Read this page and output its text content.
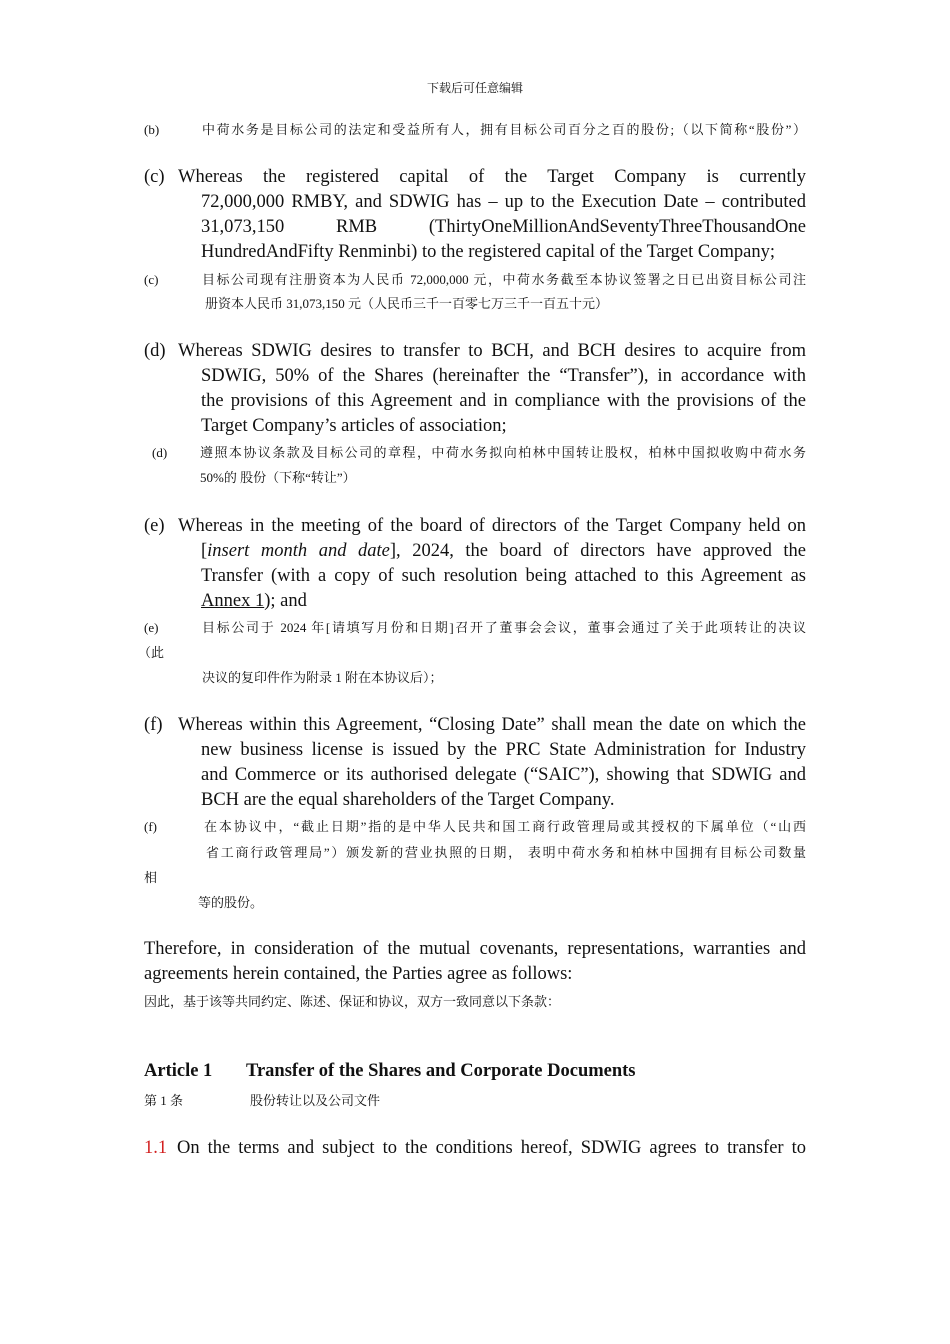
下载后可任意编辑
(b)	中荷水务是目标公司的法定和受益所有人，拥有目标公司百分之百的股份;（以下简称“股份”）
(c) Whereas the registered capital of the Target Company is currently
72,000,000 RMBY, and SDWIG has – up to the Execution Date – contributed
31,073,150 RMB (ThirtyOneMillionAndSeventyThreeThousandOne
HundredAndFifty Renminbi) to the registered capital of the Target Company;
(c)	目标公司现有注册资本为人民币 72,000,000 元，中荷水务截至本协议签署之日已出资目标公司注
册资本人民币 31,073,150 元（人民币三千一百零七万三千一百五十元）
(d) Whereas SDWIG desires to transfer to BCH, and BCH desires to acquire from
SDWIG, 50% of the Shares (hereinafter the “Transfer”), in accordance with
the provisions of this Agreement and in compliance with the provisions of the
Target Company’s articles of association;
(d)	遵照本协议条款及目标公司的章程，中荷水务拟向柏林中国转让股权，柏林中国拟收购中荷水务
50%的 股份（下称“转让”）
(e) Whereas in the meeting of the board of directors of the Target Company held on
[insert month and date], 2024, the board of directors have approved the
Transfer (with a copy of such resolution being attached to this Agreement as
Annex 1); and
(e)	目标公司于 2024 年[请填写月份和日期]召开了董事会会议，董事会通过了关于此项转让的决议
（此
决议的复印件作为附录 1 附在本协议后）；
(f) Whereas within this Agreement, “Closing Date” shall mean the date on which the
new business license is issued by the PRC State Administration for Industry
and Commerce or its authorised delegate (“SAIC”), showing that SDWIG and
BCH are the equal shareholders of the Target Company.
(f)	在本协议中，“截止日期”指的是中华人民共和国工商行政管理局或其授权的下属单位（“山西
省工商行政管理局”）颁发新的营业执照的日期， 表明中荷水务和柏林中国拥有目标公司数量
相
等的股份。
Therefore, in consideration of the mutual covenants, representations, warranties and
agreements herein contained, the Parties agree as follows:
因此，基于该等共同约定、陈述、保证和协议，双方一致同意以下条款：
Article 1 Transfer of the Shares and Corporate Documents
第 1 条	股份转让以及公司文件
1.1 On the terms and subject to the conditions hereof, SDWIG agrees to transfer to
